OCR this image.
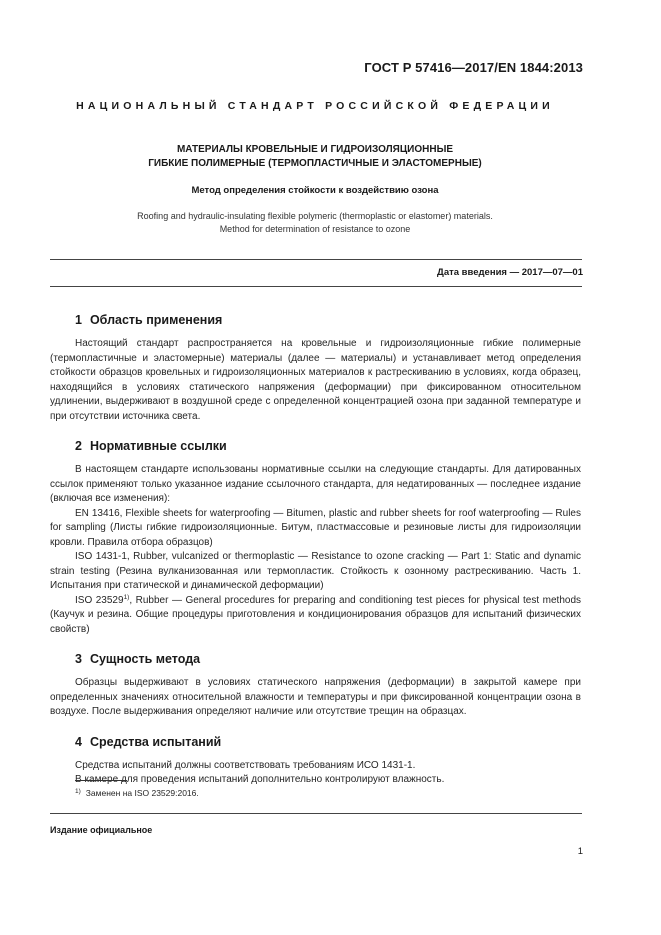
ГОСТ Р 57416—2017/EN 1844:2013
НАЦИОНАЛЬНЫЙ СТАНДАРТ РОССИЙСКОЙ ФЕДЕРАЦИИ
МАТЕРИАЛЫ КРОВЕЛЬНЫЕ И ГИДРОИЗОЛЯЦИОННЫЕ
ГИБКИЕ ПОЛИМЕРНЫЕ (ТЕРМОПЛАСТИЧНЫЕ И ЭЛАСТОМЕРНЫЕ)
Метод определения стойкости к воздействию озона
Roofing and hydraulic-insulating flexible polymeric (thermoplastic or elastomer) materials.
Method for determination of resistance to ozone
Дата введения — 2017—07—01
1 Область применения

Настоящий стандарт распространяется на кровельные и гидроизоляционные гибкие полимерные (термопластичные и эластомерные) материалы (далее — материалы) и устанавливает метод определения стойкости образцов кровельных и гидроизоляционных материалов к растрескиванию в условиях, когда образец, находящийся в условиях статического напряжения (деформации) при фиксированном относительном удлинении, выдерживают в воздушной среде с определенной концентрацией озона при заданной температуре и при отсутствии источника света.

2 Нормативные ссылки

В настоящем стандарте использованы нормативные ссылки на следующие стандарты. Для датированных ссылок применяют только указанное издание ссылочного стандарта, для недатированных — последнее издание (включая все изменения):

EN 13416, Flexible sheets for waterproofing — Bitumen, plastic and rubber sheets for roof waterproofing — Rules for sampling (Листы гибкие гидроизоляционные. Битум, пластмассовые и резиновые листы для гидроизоляции кровли. Правила отбора образцов)

ISO 1431-1, Rubber, vulcanized or thermoplastic — Resistance to ozone cracking — Part 1: Static and dynamic strain testing (Резина вулканизованная или термопластик. Стойкость к озонному растрескиванию. Часть 1. Испытания при статической и динамической деформации)

ISO 23529$^{1)}$, Rubber — General procedures for preparing and conditioning test pieces for physical test methods (Каучук и резина. Общие процедуры приготовления и кондиционирования образцов для испытаний физических свойств)

3 Сущность метода

Образцы выдерживают в условиях статического напряжения (деформации) в закрытой камере при определенных значениях относительной влажности и температуры и при фиксированной концентрации озона в воздухе. После выдерживания определяют наличие или отсутствие трещин на образцах.

4 Средства испытаний

Средства испытаний должны соответствовать требованиям ИСО 1431-1.

В камере для проведения испытаний дополнительно контролируют влажность.

$^{1)}$ Заменен на ISO 23529:2016.
Издание официальное
1
